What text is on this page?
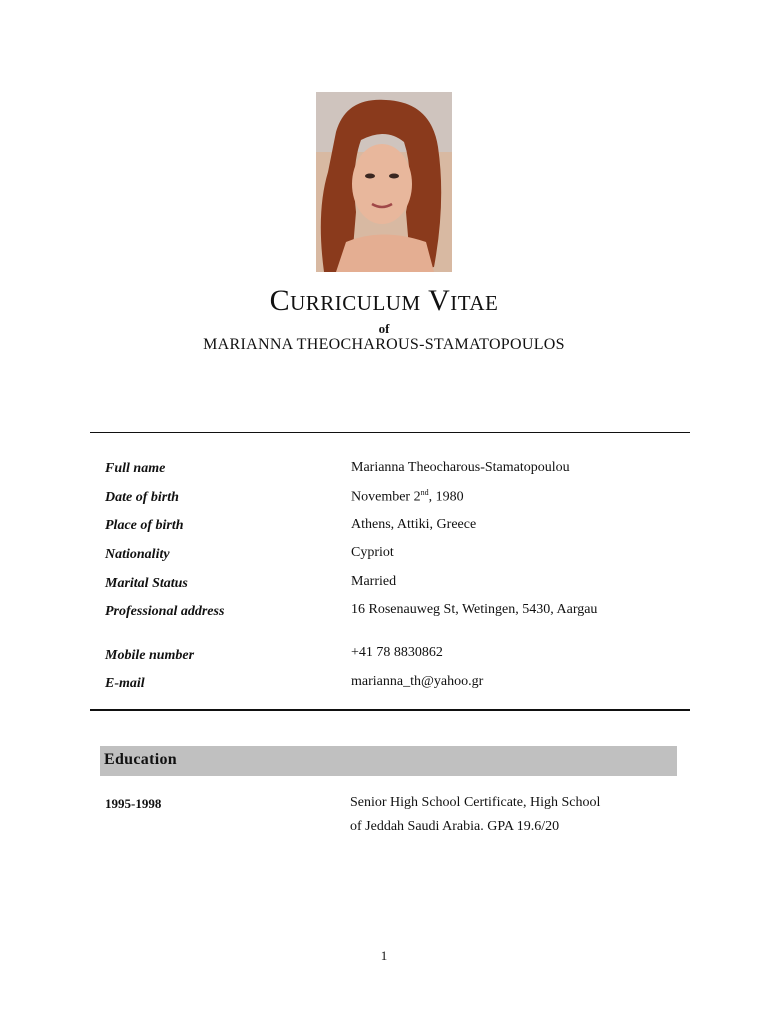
Curriculum Vitae
of
MARIANNA THEOCHAROUS-STAMATOPOULOS
Full name	Marianna Theocharous-Stamatopoulou
Date of birth	November 2nd, 1980
Place of birth	Athens, Attiki, Greece
Nationality	Cypriot
Marital Status	Married
Professional address	16 Rosenauweg St, Wetingen, 5430, Aargau
Mobile number	+41 78 8830862
E-mail	marianna_th@yahoo.gr
Education
1995-1998	Senior High School Certificate, High School
of Jeddah Saudi Arabia. GPA 19.6/20
1
